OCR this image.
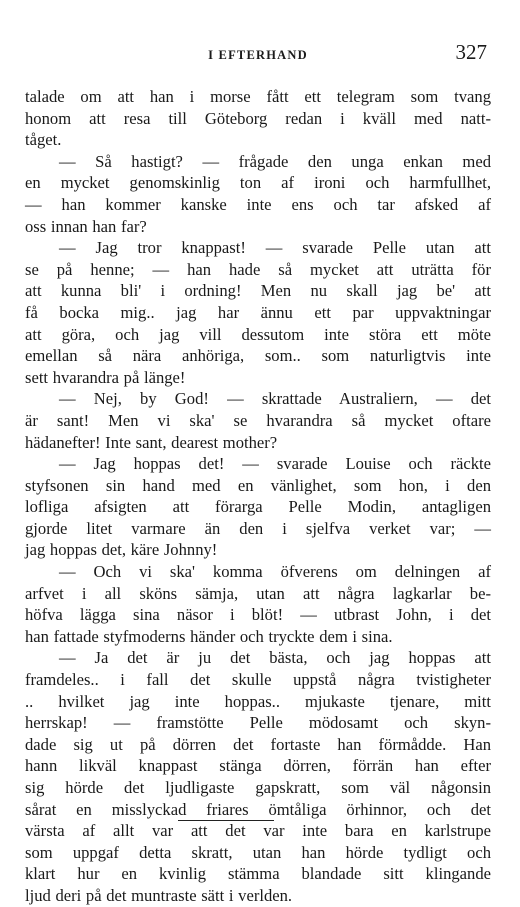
I EFTERHAND	327
talade om att han i morse fått ett telegram som tvang
honom att resa till Göteborg redan i kväll med natt-
tåget.
— Så hastigt? — frågade den unga enkan med
en mycket genomskinlig ton af ironi och harmfullhet,
— han kommer kanske inte ens och tar afsked af
oss innan han far?
— Jag tror knappast! — svarade Pelle utan att
se på henne; — han hade så mycket att uträtta för
att kunna bli' i ordning! Men nu skall jag be' att
få bocka mig.. jag har ännu ett par uppvaktningar
att göra, och jag vill dessutom inte störa ett möte
emellan så nära anhöriga, som.. som naturligtvis inte
sett hvarandra på länge!
— Nej, by God! — skrattade Australiern, — det
är sant! Men vi ska' se hvarandra så mycket oftare
hädanefter! Inte sant, dearest mother?
— Jag hoppas det! — svarade Louise och räckte
styfsonen sin hand med en vänlighet, som hon, i den
lofliga afsigten att förarga Pelle Modin, antagligen
gjorde litet varmare än den i sjelfva verket var; —
jag hoppas det, käre Johnny!
— Och vi ska' komma öfverens om delningen af
arfvet i all sköns sämja, utan att några lagkarlar be-
höfva lägga sina näsor i blöt! — utbrast John, i det
han fattade styfmoderns händer och tryckte dem i sina.
— Ja det är ju det bästa, och jag hoppas att
framdeles.. i fall det skulle uppstå några tvistigheter
.. hvilket jag inte hoppas.. mjukaste tjenare, mitt
herrskap! — framstötte Pelle mödosamt och skyn-
dade sig ut på dörren det fortaste han förmådde. Han
hann likväl knappast stänga dörren, förrän han efter
sig hörde det ljudligaste gapskratt, som väl någonsin
sårat en misslyckad friares ömtåliga örhinnor, och det
värsta af allt var att det var inte bara en karlstrupe
som uppgaf detta skratt, utan han hörde tydligt och
klart hur en kvinlig stämma blandade sitt klingande
ljud deri på det muntraste sätt i verlden.
